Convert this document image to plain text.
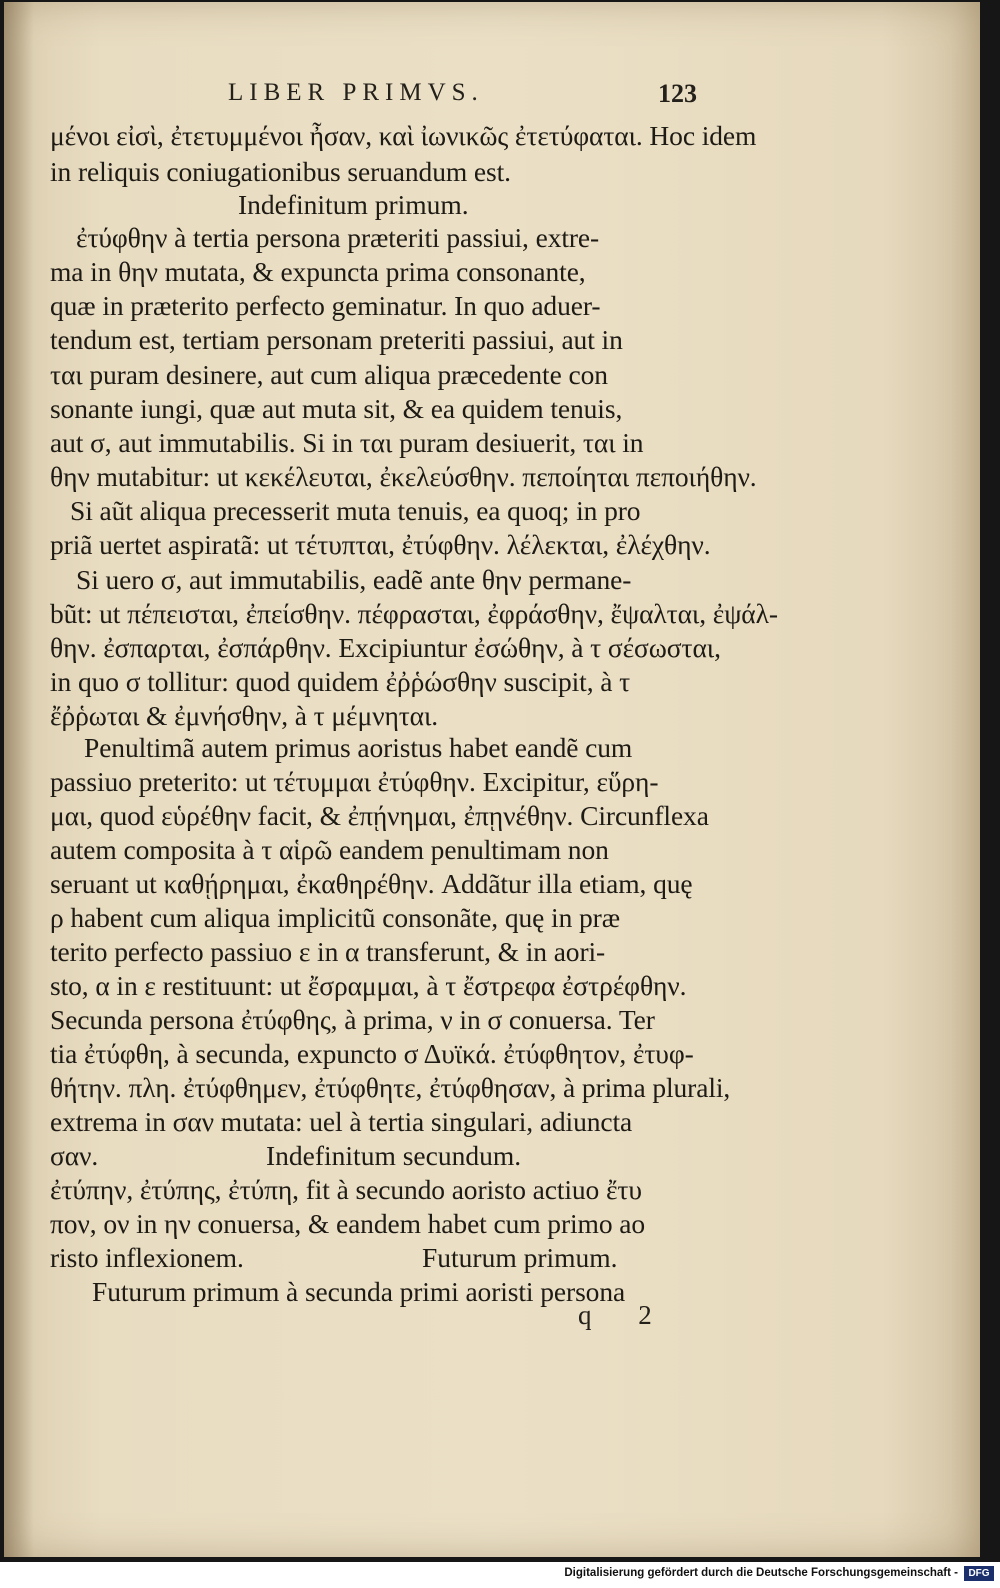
LIBER PRIMVS.	123
μένοι εἰσὶ, ἐτετυμμένοι ἦσαν, καὶ ἰωνικῶς ἐτετύφαται. Hoc idem
in reliquis coniugationibus seruandum est.
Indefinitum primum.
ἐτύφθην à tertia persona præteriti passiui, extre-
ma in θην mutata, & expuncta prima consonante,
quæ in præterito perfecto geminatur. In quo aduer-
tendum est, tertiam personam preteriti passiui, aut in
ται puram desinere, aut cum aliqua præcedente con
sonante iungi, quæ aut muta sit, & ea quidem tenuis,
aut σ, aut immutabilis. Si in ται puram desiuerit, ται in
θην mutabitur: ut κεκέλευται, ἐκελεύσθην. πεποίηται πεποιήθην.
Si aũt aliqua precesserit muta tenuis, ea quoq; in pro
priã uertet aspiratã: ut τέτυπται, ἐτύφθην. λέλεκται, ἐλέχθην.
Si uero σ, aut immutabilis, eadẽ ante θην permane-
bũt: ut πέπεισται, ἐπείσθην. πέφρασται, ἐφράσθην, ἔψαλται, ἐψάλ-
θην. ἐσπαρται, ἐσπάρθην. Excipiuntur ἐσώθην, à τ σέσωσται,
in quo σ tollitur: quod quidem ἐῤῥώσθην suscipit, à τ
ἔῤῥωται & ἐμνήσθην, à τ μέμνηται.
Penultimã autem primus aoristus habet eandẽ cum
passiuo preterito: ut τέτυμμαι ἐτύφθην. Excipitur, εὕρη-
μαι, quod εὑρέθην facit, & ἐπῄνημαι, ἐπῃνέθην. Circunflexa
autem composita à τ αἱρῶ eandem penultimam non
seruant ut καθῄρημαι, ἐκαθηρέθην. Addãtur illa etiam, quę
ρ habent cum aliqua implicitũ consonãte, quę in præ
terito perfecto passiuo ε in α transferunt, & in aori-
sto, α in ε restituunt: ut ἔσραμμαι, à τ ἔστρεφα ἐστρέφθην.
Secunda persona ἐτύφθης, à prima, ν in σ conuersa. Ter
tia ἐτύφθη, à secunda, expuncto σ Δυϊκά. ἐτύφθητον, ἐτυφ-
θήτην. πλη. ἐτύφθημεν, ἐτύφθητε, ἐτύφθησαν, à prima plurali,
extrema in σαν mutata: uel à tertia singulari, adiuncta
σαν.	Indefinitum secundum.
ἐτύπην, ἐτύπης, ἐτύπη, fit à secundo aoristo actiuo ἔτυ
πον, ον in ην conuersa, & eandem habet cum primo ao
risto inflexionem.	Futurum primum.
Futurum primum à secunda primi aoristi persona
q 2
Digitalisierung gefördert durch die Deutsche Forschungsgemeinschaft -	DFG
